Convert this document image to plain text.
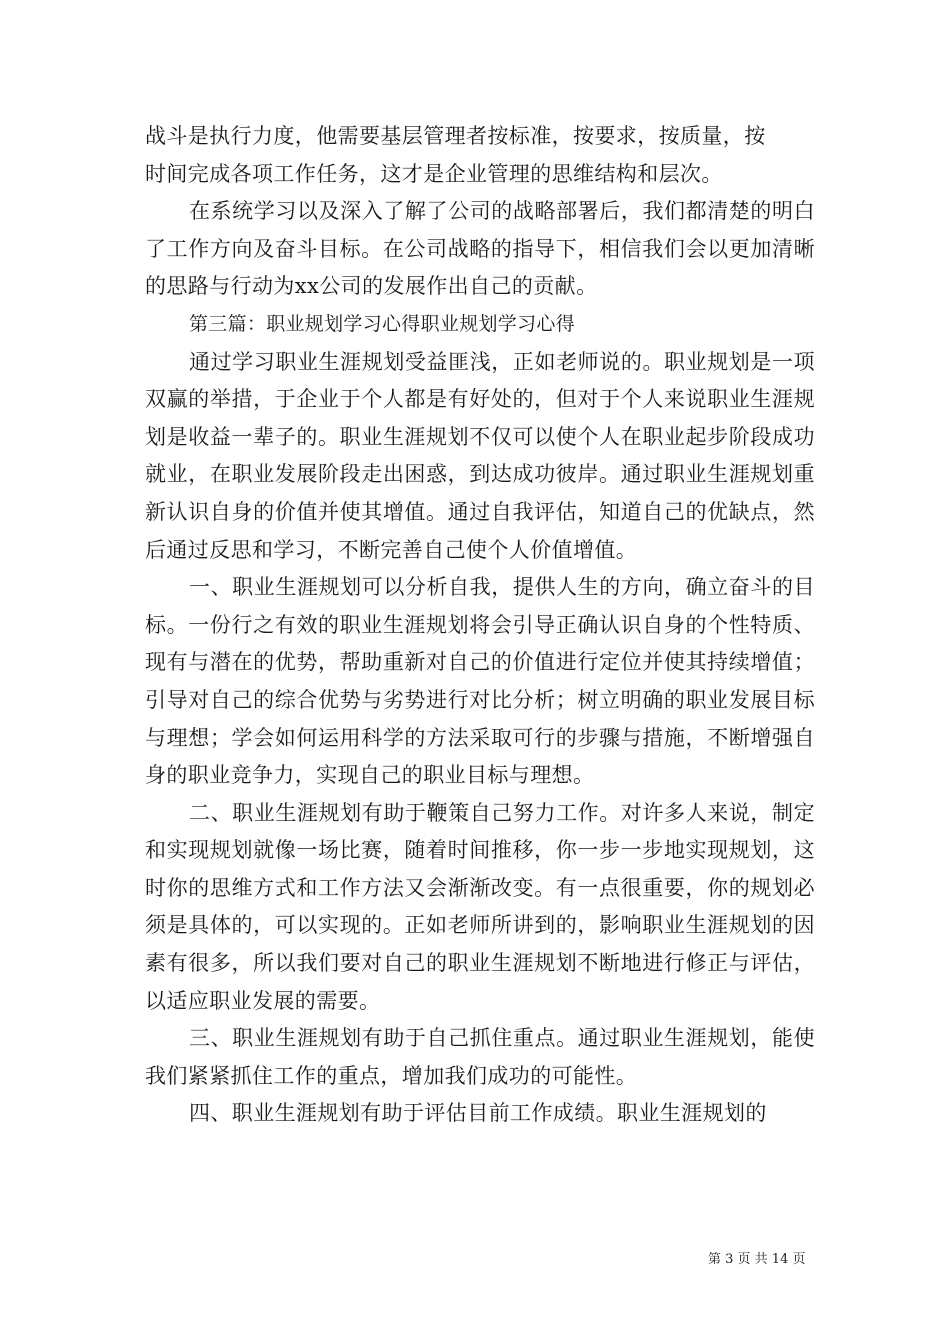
战斗是执行力度，他需要基层管理者按标准，按要求，按质量，按

时间完成各项工作任务，这才是企业管理的思维结构和层次。

在系统学习以及深入了解了公司的战略部署后，我们都清楚的明白了工作方向及奋斗目标。在公司战略的指导下，相信我们会以更加清晰的思路与行动为xx公司的发展作出自己的贡献。

第三篇：职业规划学习心得职业规划学习心得

通过学习职业生涯规划受益匪浅，正如老师说的。职业规划是一项双赢的举措，于企业于个人都是有好处的，但对于个人来说职业生涯规划是收益一辈子的。职业生涯规划不仅可以使个人在职业起步阶段成功就业，在职业发展阶段走出困惑，到达成功彼岸。通过职业生涯规划重新认识自身的价值并使其增值。通过自我评估，知道自己的优缺点，然后通过反思和学习，不断完善自己使个人价值增值。

一、职业生涯规划可以分析自我，提供人生的方向，确立奋斗的目标。一份行之有效的职业生涯规划将会引导正确认识自身的个性特质、现有与潜在的优势，帮助重新对自己的价值进行定位并使其持续增值；引导对自己的综合优势与劣势进行对比分析；树立明确的职业发展目标与理想；学会如何运用科学的方法采取可行的步骤与措施，不断增强自身的职业竞争力，实现自己的职业目标与理想。

二、职业生涯规划有助于鞭策自己努力工作。对许多人来说，制定和实现规划就像一场比赛，随着时间推移，你一步一步地实现规划，这时你的思维方式和工作方法又会渐渐改变。有一点很重要，你的规划必须是具体的，可以实现的。正如老师所讲到的，影响职业生涯规划的因素有很多，所以我们要对自己的职业生涯规划不断地进行修正与评估，以适应职业发展的需要。

三、职业生涯规划有助于自己抓住重点。通过职业生涯规划，能使我们紧紧抓住工作的重点，增加我们成功的可能性。

四、职业生涯规划有助于评估目前工作成绩。职业生涯规划的

第 3 页 共 14 页
